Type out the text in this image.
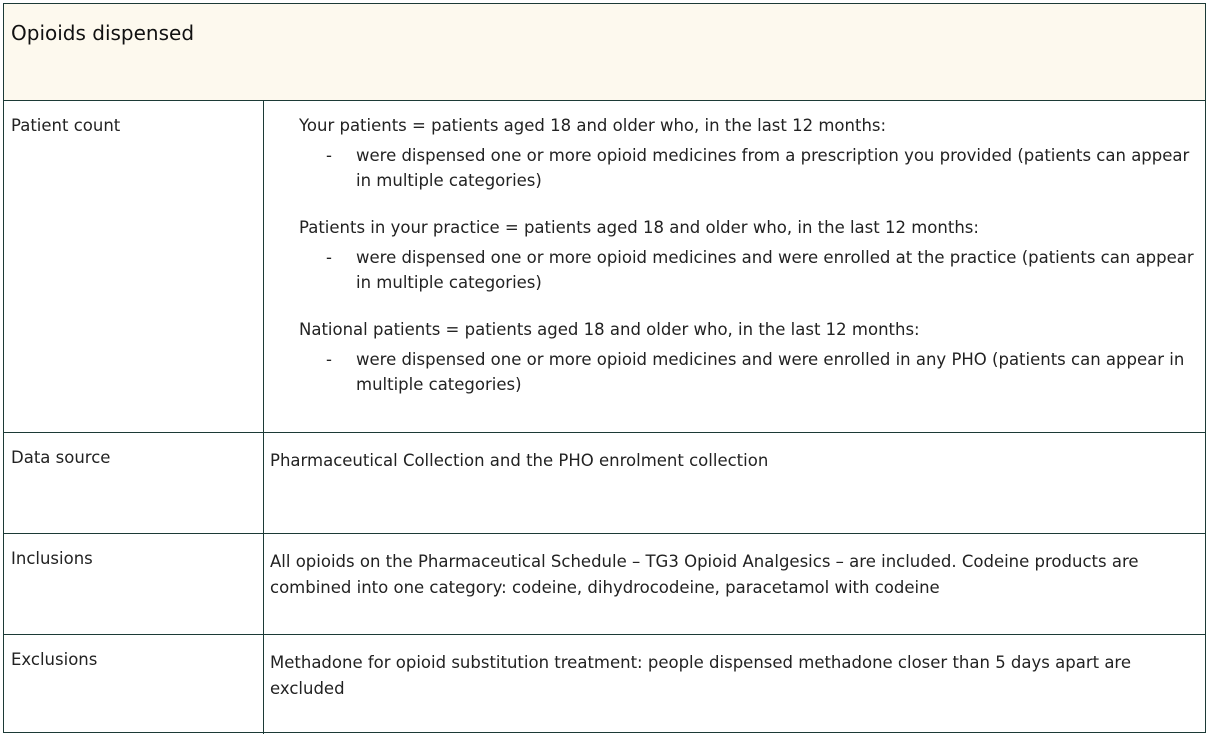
Opioids dispensed
Patient count	Your patients = patients aged 18 and older who, in the last 12 months:
-	were dispensed one or more opioid medicines from a prescription you provided (patients can appear in multiple categories)
Patients in your practice = patients aged 18 and older who, in the last 12 months:
-	were dispensed one or more opioid medicines and were enrolled at the practice (patients can appear in multiple categories)
National patients = patients aged 18 and older who, in the last 12 months:
-	were dispensed one or more opioid medicines and were enrolled in any PHO (patients can appear in multiple categories)
Data source	Pharmaceutical Collection and the PHO enrolment collection
Inclusions	All opioids on the Pharmaceutical Schedule – TG3 Opioid Analgesics – are included. Codeine products are combined into one category: codeine, dihydrocodeine, paracetamol with codeine
Exclusions	Methadone for opioid substitution treatment: people dispensed methadone closer than 5 days apart are excluded
